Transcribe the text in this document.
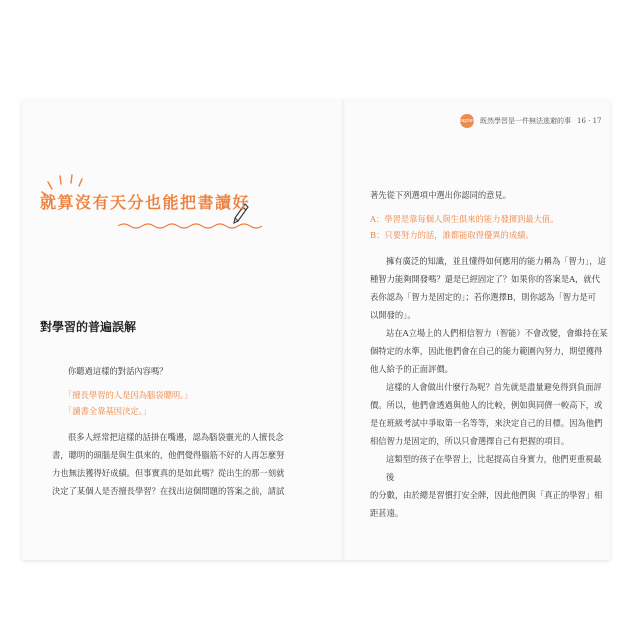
Chapter 1 既然學習是一件無法逃避的事 16 · 17
就算沒有天分也能把書讀好
對學習的普遍誤解
你聽過這樣的對話內容嗎？
「擅長學習的人是因為腦袋聰明。」
「讀書全靠基因決定。」
很多人經常把這樣的話掛在嘴邊，認為腦袋靈光的人擅長念
書，聰明的頭腦是與生俱來的，他們覺得腦筋不好的人再怎麼努
力也無法獲得好成績。但事實真的是如此嗎？從出生的那一刻就
決定了某個人是否擅長學習？在找出這個問題的答案之前，請試
著先從下列選項中選出你認同的意見。
A：學習是靠每個人與生俱來的能力發揮到最大值。
B：只要努力的話，誰都能取得優異的成績。
擁有廣泛的知識，並且懂得如何應用的能力稱為「智力」，這
種智力能夠開發嗎？還是已經固定了？如果你的答案是A，就代
表你認為「智力是固定的」；若你選擇B，則你認為「智力是可
以開發的」。
站在A立場上的人們相信智力（智能）不會改變，會維持在某
個特定的水準，因此他們會在自己的能力範圍內努力，期望獲得
他人給予的正面評價。
這樣的人會做出什麼行為呢？首先就是盡量避免得到負面評
價。所以，他們會透過與他人的比較，例如與同儕一較高下，或
是在班級考試中爭取第一名等等，來決定自己的目標。因為他們
相信智力是固定的，所以只會選擇自己有把握的項目。
這類型的孩子在學習上，比起提高自身實力，他們更重視最後
的分數，由於總是習慣打安全牌，因此他們與「真正的學習」相
距甚遠。
